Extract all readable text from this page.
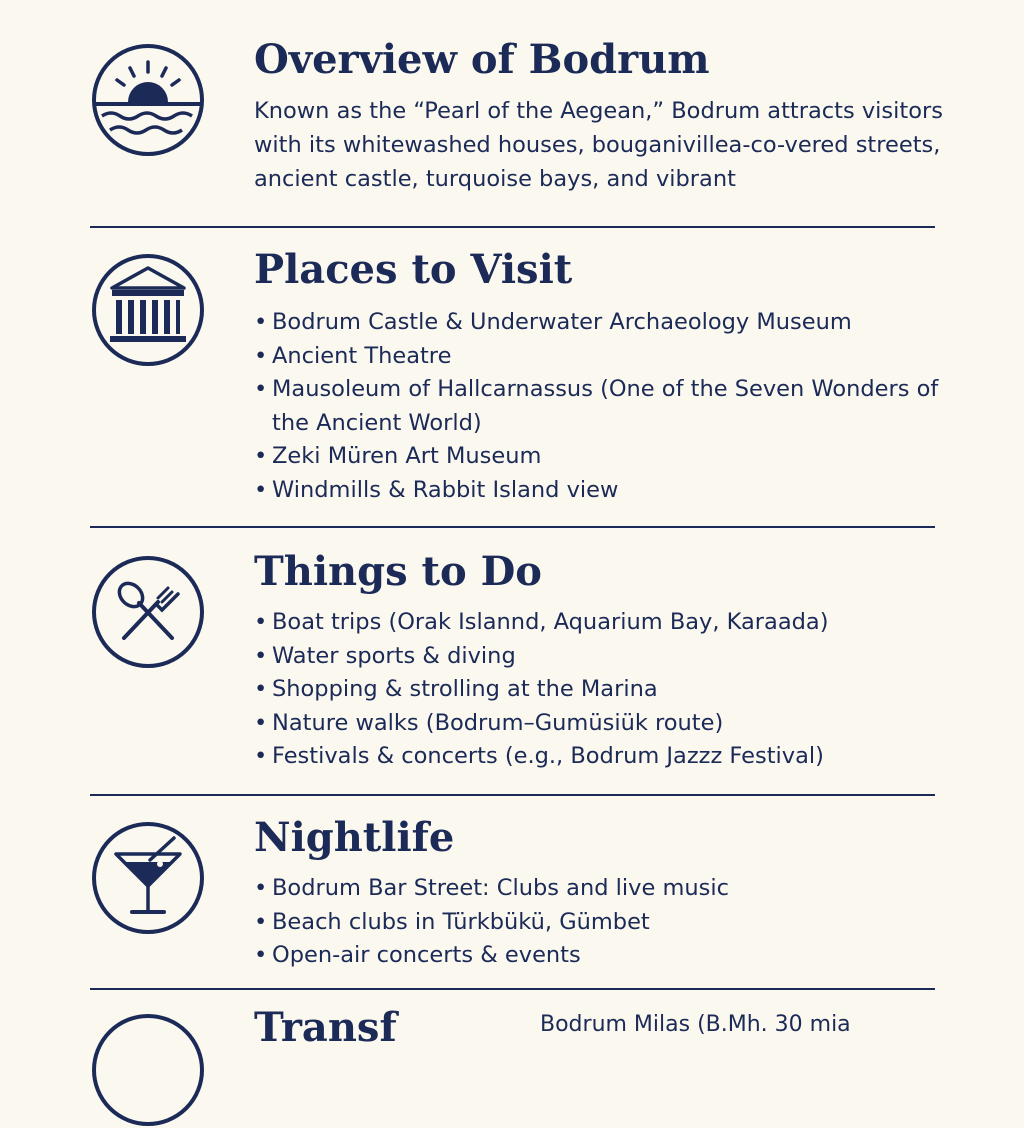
Overview of Bodrum
Known as the “Pearl of the Aegean,” Bodrum attracts visitors with its whitewashed houses, bouganivillea-co-vered streets, ancient castle, turquoise bays, and vibrant
Places to Visit
• Bodrum Castle & Underwater Archaeology Museum
• Ancient Theatre
• Mausoleum of Hallcarnassus (One of the Seven Wonders of the Ancient World)
• Zeki Müren Art Museum
• Windmills & Rabbit Island view
Things to Do
• Boat trips (Orak Islannd, Aquarium Bay, Karaada)
• Water sports & diving
• Shopping & strolling at the Marina
• Nature walks (Bodrum–Gumüsiük route)
• Festivals & concerts (e.g., Bodrum Jazzz Festival)
Nightlife
• Bodrum Bar Street: Clubs and live music
• Beach clubs in Türkbükü, Gümbet
• Open-air concerts & events
Transf	Bodrum Milas (B.Mh. 30 mia
